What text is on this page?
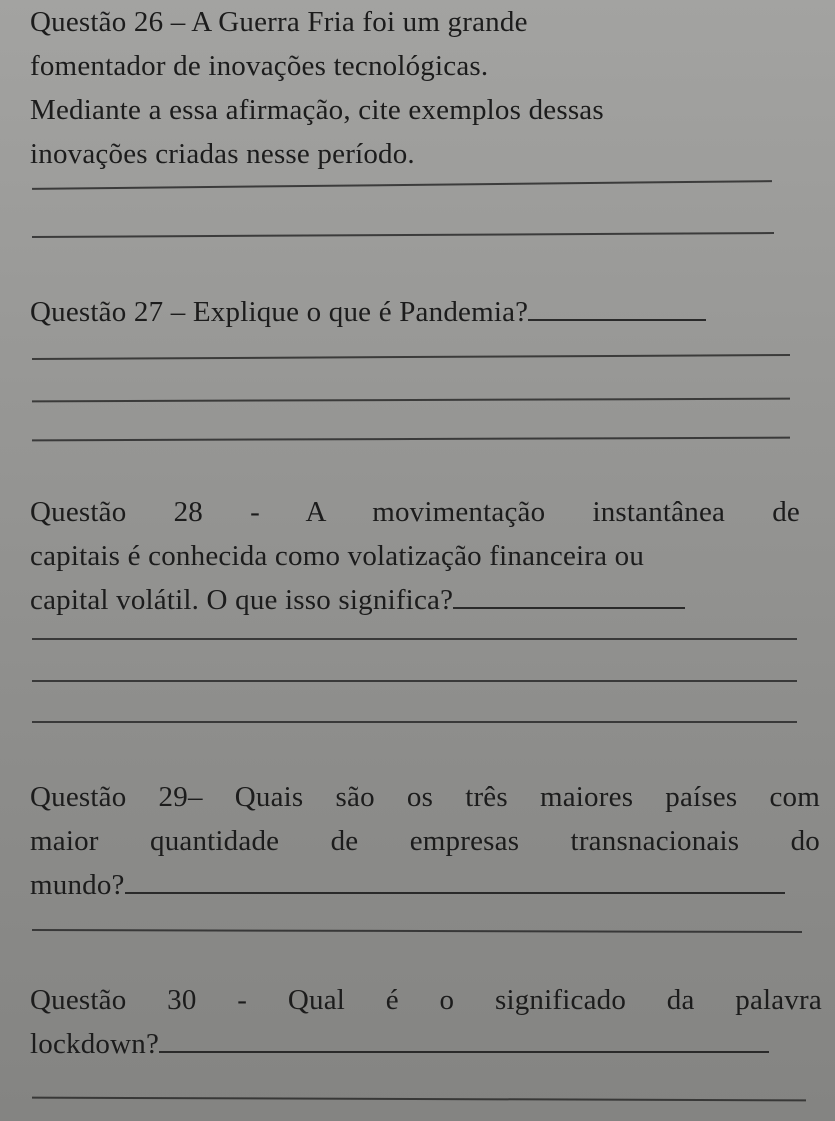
Questão 26 – A Guerra Fria foi um grande
fomentador de inovações tecnológicas.
Mediante a essa afirmação, cite exemplos dessas
inovações criadas nesse período.
Questão 27 – Explique o que é Pandemia?
Questão 28 - A movimentação instantânea de
capitais é conhecida como volatização financeira ou
capital volátil. O que isso significa?
Questão 29– Quais são os três maiores países com
maior quantidade de empresas transnacionais do
mundo?
Questão 30 - Qual é o significado da palavra
lockdown?
